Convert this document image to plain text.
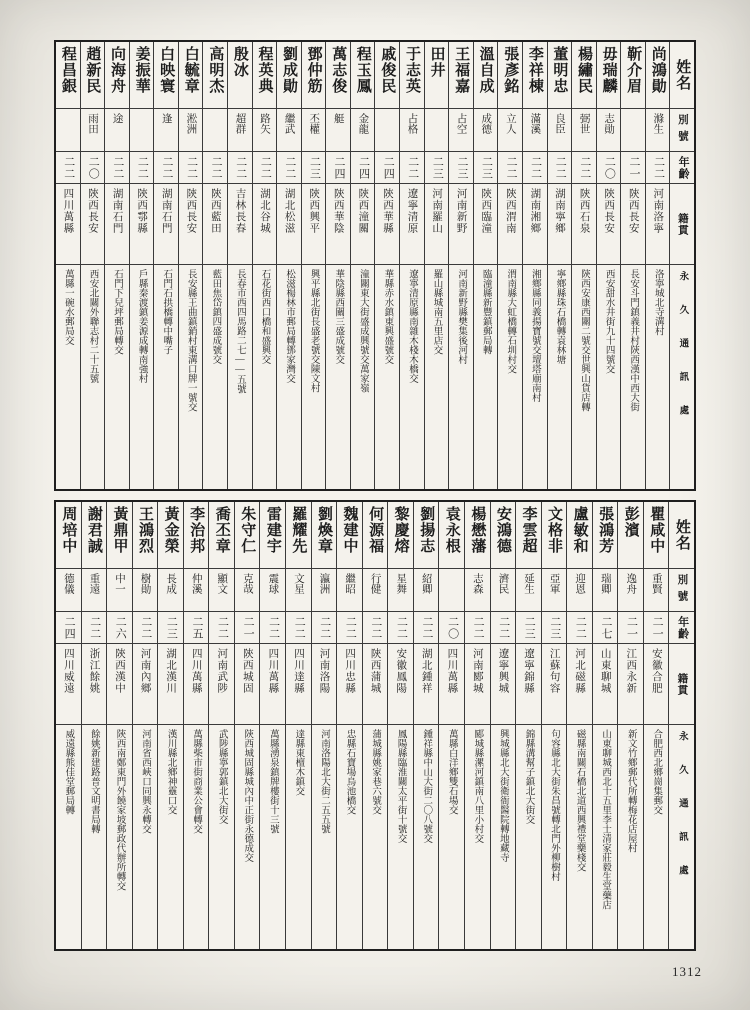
姓名
別號
年齡
籍貫
永久通訊處
尚鴻勛
滌生
二二
河南洛寧
洛寧城北寺溝村
靳介眉
二一
陝西長安
長安斗門鎮義井村陝西漢中西大街
毋瑞麟
志勛
二〇
陝西長安
西安甜水井街九十四號交
楊繡民
弼世
二二
陝西石泉
陝西安康西關二號交世興山貨店轉
董明忠
良臣
二二
湖南寧鄉
寧鄉縣珠石橋轉袁林塘
李祥棟
滿溪
二二
湖南湘鄉
湘鄉縣同義揚寶號交壇塔廟南村
張彥銘
立人
二二
陝西渭南
渭南縣大虹橋轉石圳村交
溫自成
成德
二三
陝西臨潼
臨潼縣新豐鎮郵局轉
王福嘉
占空
二三
河南新野
河南新野縣樊集後河村
田井
二三
河南羅山
羅山縣城南五里店交
于志英
占格
二二
遼寧清原
遼寧清原縣南雜木棧木橋交
戚俊民
二四
陝西華縣
華縣赤水鎮東興盛號交
程玉鳳
金龍
二四
陝西潼關
潼關東大街盛成興號交萬家嶺
萬志俊
艇
二四
陝西華陰
華陰縣西關三盛成號交
鄧仲筋
丕權
二三
陝西興平
興平縣北街長盛老號交陳文村
劉成勛
繼武
二二
湖北松滋
松滋楊林市郵局轉鄧家灣交
程英典
路矢
二二
湖北谷城
石花街西口橋和盛興交
殷冰
超群
二二
吉林長春
長春市西四馬路二七——五號
高明杰
二二
陝西藍田
藍田焦岱鎮四盛成號交
白毓章
淞洲
二二
陝西長安
長安縣王曲鎮銷村東溝口牌一號交
白映寰
逢
二二
湖南石門
石門石拱橋轉中嘴子
姜振華
二二
陝西鄠縣
戶縣秦渡鎮姜源成轉南強村
向海舟
途
二二
湖南石門
石門下兒坪郵局轉交
趙新民
雨田
二〇
陝西長安
西安北關外聯志村二十五號
程昌銀
二二
四川萬縣
萬縣一碗水郵局交
姓名
別號
年齡
籍貫
永久通訊處
瞿咸中
重賢
二一
安徽合肥
合肥西北鄉崗集郵交
彭濱
逸舟
二一
江西永新
新文竹鄉郵代所轉梅花店屋村
張鴻芳
瑞卿
二七
山東聊城
山東聊城西北十五里李士清家莊毅生堂藥店
盧敏和
迎恩
二二
河北磁縣
磁縣南關石橋北道西興禮堂藥棧交
文格非
亞軍
二三
江蘇句容
句容縣北大街朱昌號轉北門外柳樹村
李雲超
延生
二三
遼寧錦縣
錦縣溝幫子鎮北大街交
安鴻德
濟民
二二
遼寧興城
興城縣北大街衛衙醫院轉地藏寺
楊懋藩
志森
二二
河南郾城
郾城縣漯河鎮南八里小村交
袁永根
二〇
四川萬縣
萬縣白洋鄉雙石場交
劉揚志
紹卿
二二
湖北鍾祥
鍾祥縣中山大街二〇八號交
黎慶熔
星舞
二二
安徽鳳陽
鳳陽縣臨淮關太平街十號交
何源福
行健
二二
陝西蒲城
蒲城縣姚家巷六號交
魏建中
繼昭
二二
四川忠縣
忠縣石寶場烏池橋交
劉煥章
瀛洲
二二
河南洛陽
河南洛陽北大街二五五號
羅耀先
文星
二二
四川達縣
達縣東檀木鎮交
雷建宇
震球
二二
四川萬縣
萬縣湧泉鎮牌樓街十三號
朱守仁
克哉
二一
陝西城固
陝西城固縣城內中正街永德成交
喬丕章
顯文
二二
河南武陟
武陟縣寧郭鎮北大街交
李治邦
仲溪
二五
四川萬縣
萬縣柴市街商業公會轉交
黃金榮
長成
二三
湖北漢川
漢川縣北鄉神靈口交
王鴻烈
樹勛
二二
河南內鄉
河南省西峽口同興永轉交
黃鼎甲
中一
二六
陝西漢中
陝西南鄭東門外饒家坡郵政代辦所轉交
謝君誠
重遠
二二
浙江餘姚
餘姚新建路普文明書局轉
周培中
德儀
二四
四川威遠
威遠縣熊佳堂郵局轉
1312
